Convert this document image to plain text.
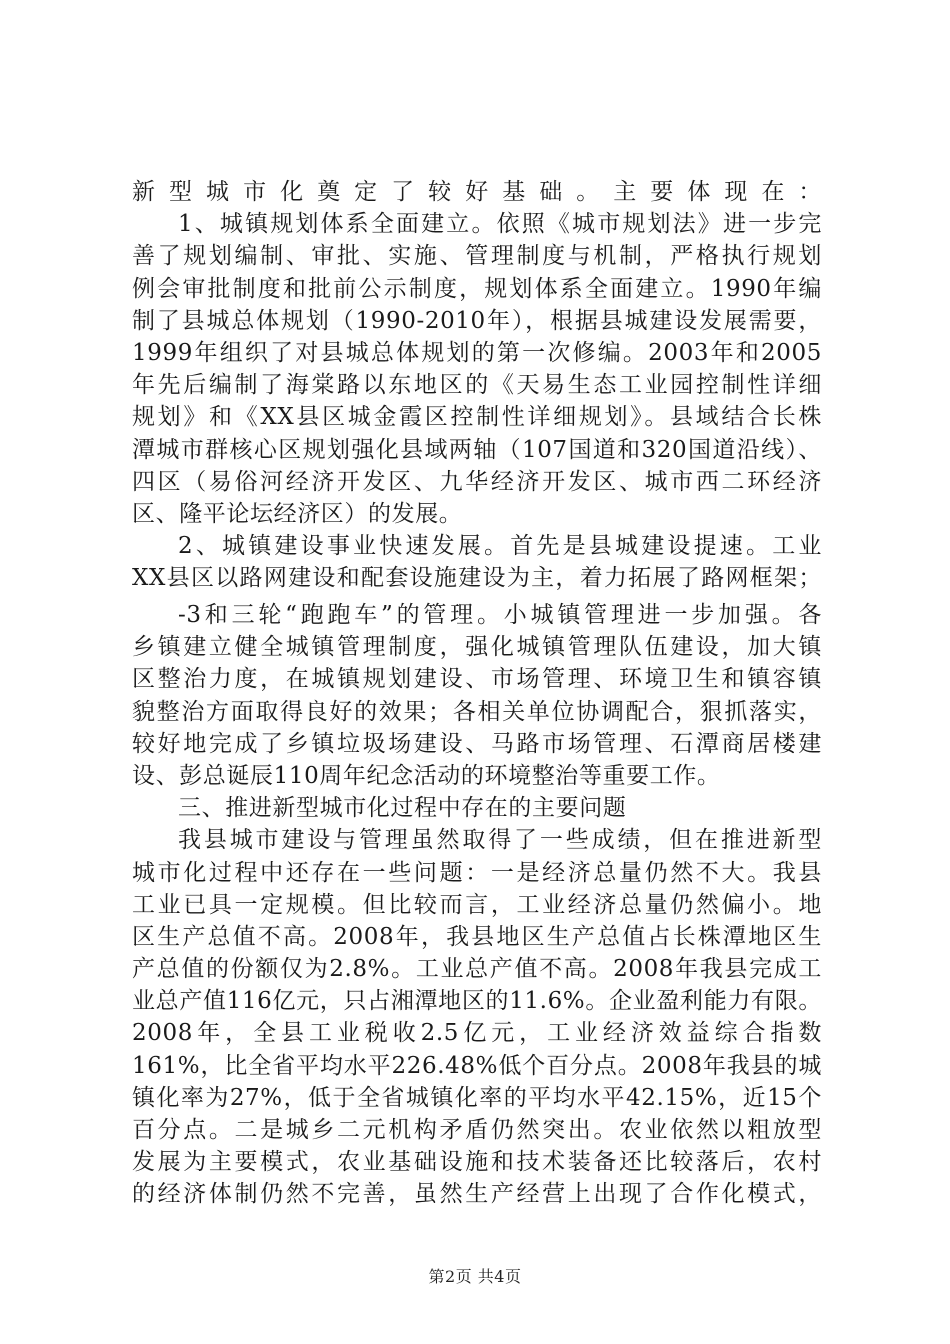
新型城市化奠定了较好基础。主要体现在：
1、城镇规划体系全面建立。依照《城市规划法》进一步完
善了规划编制、审批、实施、管理制度与机制，严格执行规划
例会审批制度和批前公示制度，规划体系全面建立。1990年编
制了县城总体规划（1990-2010年），根据县城建设发展需要，
1999年组织了对县城总体规划的第一次修编。2003年和2005
年先后编制了海棠路以东地区的《天易生态工业园控制性详细
规划》和《XX县区城金霞区控制性详细规划》。县域结合长株
潭城市群核心区规划强化县域两轴（107国道和320国道沿线）、
四区（易俗河经济开发区、九华经济开发区、城市西二环经济
区、隆平论坛经济区）的发展。
2、城镇建设事业快速发展。首先是县城建设提速。工业
XX县区以路网建设和配套设施建设为主，着力拓展了路网框架；
-3和三轮“跑跑车”的管理。小城镇管理进一步加强。各
乡镇建立健全城镇管理制度，强化城镇管理队伍建设，加大镇
区整治力度，在城镇规划建设、市场管理、环境卫生和镇容镇
貌整治方面取得良好的效果；各相关单位协调配合，狠抓落实，
较好地完成了乡镇垃圾场建设、马路市场管理、石潭商居楼建
设、彭总诞辰110周年纪念活动的环境整治等重要工作。
三、推进新型城市化过程中存在的主要问题
我县城市建设与管理虽然取得了一些成绩，但在推进新型
城市化过程中还存在一些问题：一是经济总量仍然不大。我县
工业已具一定规模。但比较而言，工业经济总量仍然偏小。地
区生产总值不高。2008年，我县地区生产总值占长株潭地区生
产总值的份额仅为2.8%。工业总产值不高。2008年我县完成工
业总产值116亿元，只占湘潭地区的11.6%。企业盈利能力有限。
2008年，全县工业税收2.5亿元，工业经济效益综合指数
161%，比全省平均水平226.48%低个百分点。2008年我县的城
镇化率为27%，低于全省城镇化率的平均水平42.15%，近15个
百分点。二是城乡二元机构矛盾仍然突出。农业依然以粗放型
发展为主要模式，农业基础设施和技术装备还比较落后，农村
的经济体制仍然不完善，虽然生产经营上出现了合作化模式，
第2页 共4页
